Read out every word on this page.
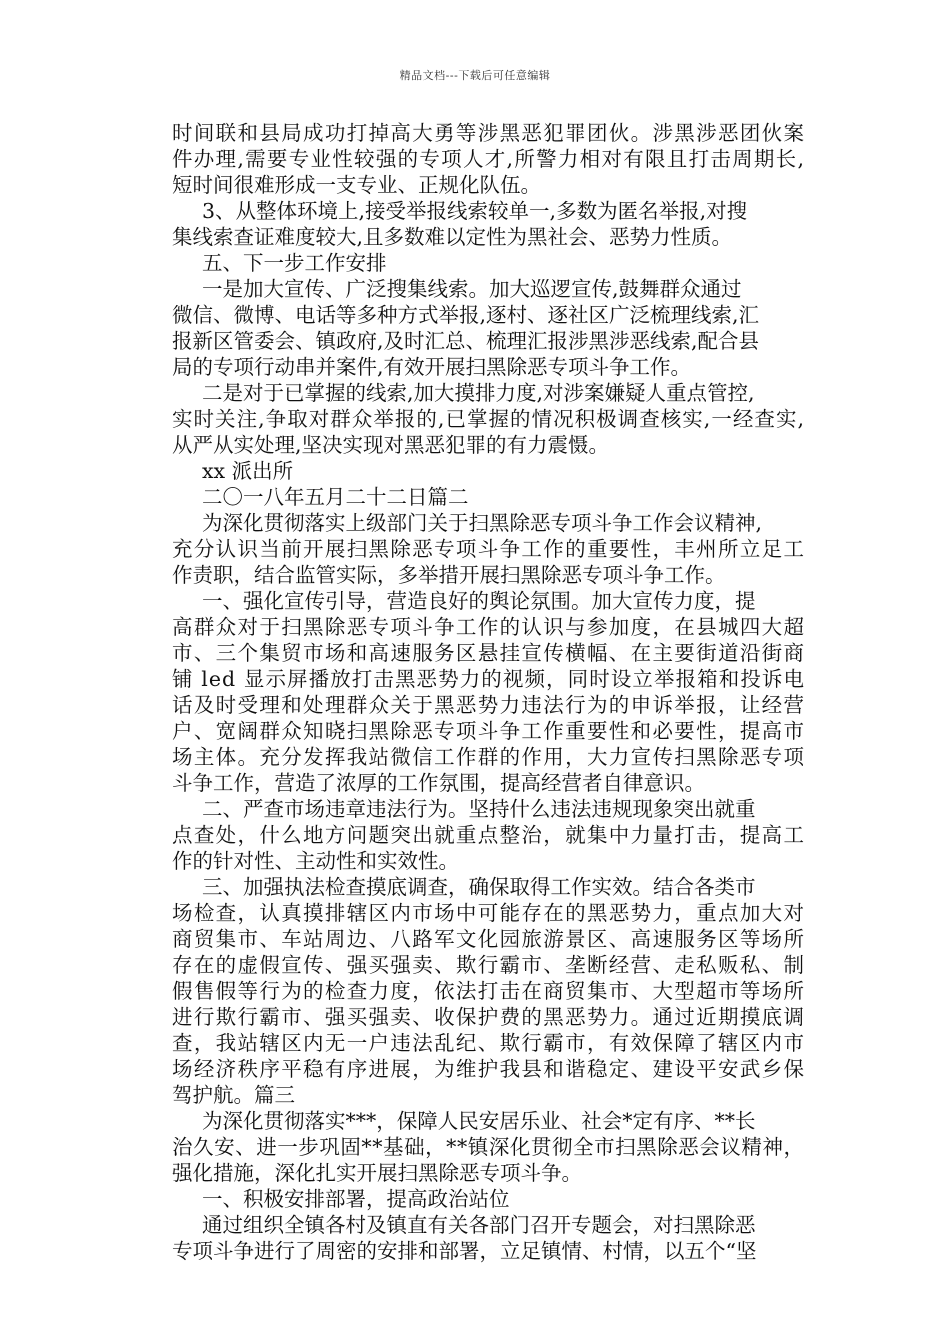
精品文档---下载后可任意编辑
时间联和县局成功打掉高大勇等涉黑恶犯罪团伙。涉黑涉恶团伙案
件办理,需要专业性较强的专项人才,所警力相对有限且打击周期长,
短时间很难形成一支专业、正规化队伍。
3、从整体环境上,接受举报线索较单一,多数为匿名举报,对搜
集线索查证难度较大,且多数难以定性为黑社会、恶势力性质。
五、下一步工作安排
一是加大宣传、广泛搜集线索。加大巡逻宣传,鼓舞群众通过
微信、微博、电话等多种方式举报,逐村、逐社区广泛梳理线索,汇
报新区管委会、镇政府,及时汇总、梳理汇报涉黑涉恶线索,配合县
局的专项行动串并案件,有效开展扫黑除恶专项斗争工作。
二是对于已掌握的线索,加大摸排力度,对涉案嫌疑人重点管控,
实时关注,争取对群众举报的,已掌握的情况积极调查核实,一经查实,
从严从实处理,坚决实现对黑恶犯罪的有力震慑。
xx 派出所
二〇一八年五月二十二日篇二
为深化贯彻落实上级部门关于扫黑除恶专项斗争工作会议精神,
充分认识当前开展扫黑除恶专项斗争工作的重要性，丰州所立足工
作责职，结合监管实际，多举措开展扫黑除恶专项斗争工作。
一、强化宣传引导，营造良好的舆论氛围。加大宣传力度，提
高群众对于扫黑除恶专项斗争工作的认识与参加度，在县城四大超
市、三个集贸市场和高速服务区悬挂宣传横幅、在主要街道沿街商
铺 led 显示屏播放打击黑恶势力的视频，同时设立举报箱和投诉电
话及时受理和处理群众关于黑恶势力违法行为的申诉举报，让经营
户、宽阔群众知晓扫黑除恶专项斗争工作重要性和必要性，提高市
场主体。充分发挥我站微信工作群的作用，大力宣传扫黑除恶专项
斗争工作，营造了浓厚的工作氛围，提高经营者自律意识。
二、严查市场违章违法行为。坚持什么违法违规现象突出就重
点查处，什么地方问题突出就重点整治，就集中力量打击，提高工
作的针对性、主动性和实效性。
三、加强执法检查摸底调查，确保取得工作实效。结合各类市
场检查，认真摸排辖区内市场中可能存在的黑恶势力，重点加大对
商贸集市、车站周边、八路军文化园旅游景区、高速服务区等场所
存在的虚假宣传、强买强卖、欺行霸市、垄断经营、走私贩私、制
假售假等行为的检查力度，依法打击在商贸集市、大型超市等场所
进行欺行霸市、强买强卖、收保护费的黑恶势力。通过近期摸底调
查，我站辖区内无一户违法乱纪、欺行霸市，有效保障了辖区内市
场经济秩序平稳有序进展，为维护我县和谐稳定、建设平安武乡保
驾护航。篇三
为深化贯彻落实***，保障人民安居乐业、社会*定有序、**长
治久安、进一步巩固**基础，**镇深化贯彻全市扫黑除恶会议精神，
强化措施，深化扎实开展扫黑除恶专项斗争。
一、积极安排部署，提高政治站位
通过组织全镇各村及镇直有关各部门召开专题会，对扫黑除恶
专项斗争进行了周密的安排和部署，立足镇情、村情，以五个“坚
